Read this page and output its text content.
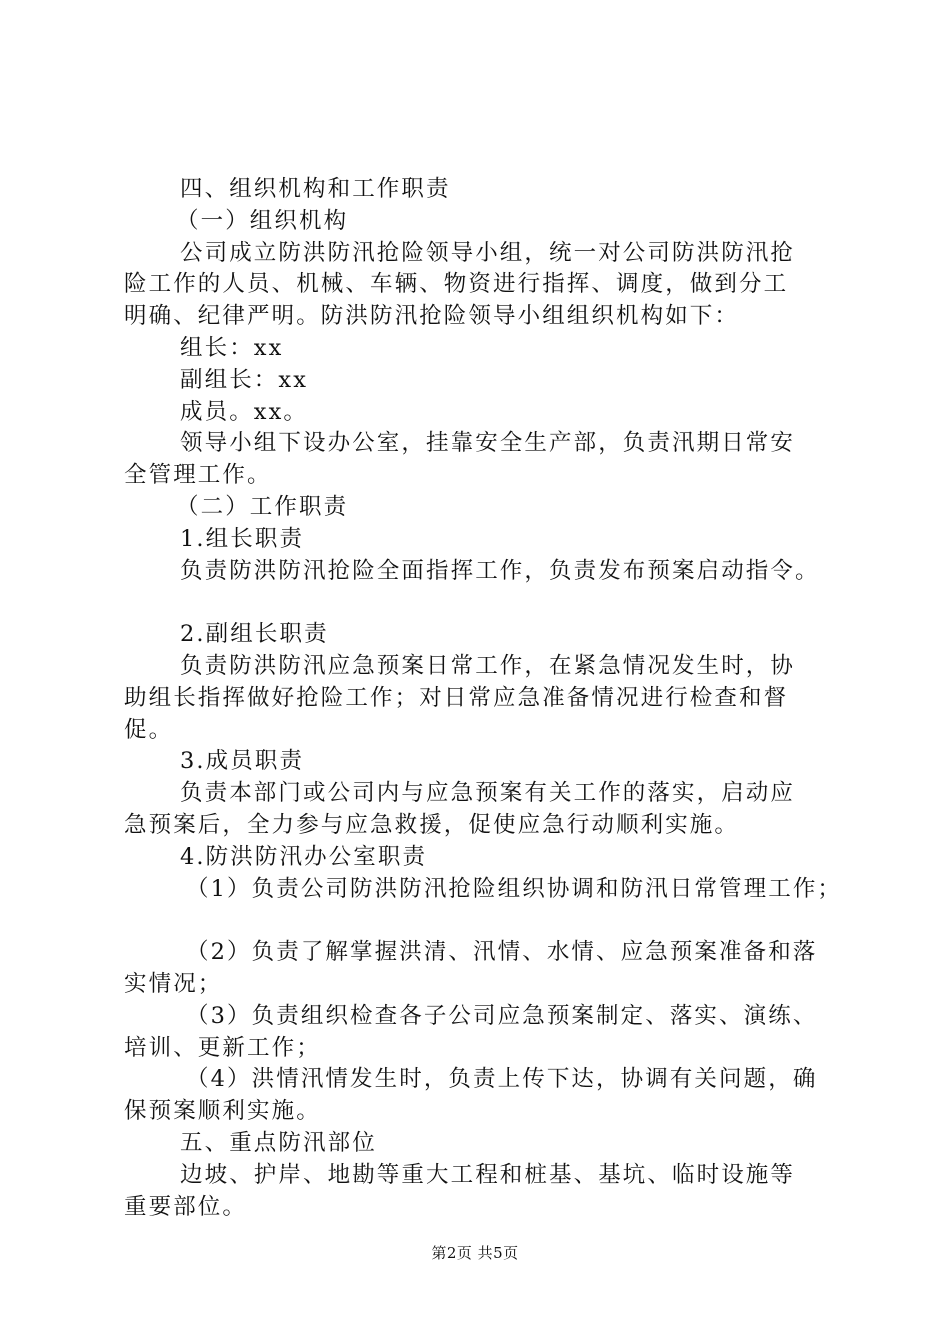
四、组织机构和工作职责
（一）组织机构
公司成立防洪防汛抢险领导小组，统一对公司防洪防汛抢
险工作的人员、机械、车辆、物资进行指挥、调度，做到分工
明确、纪律严明。防洪防汛抢险领导小组组织机构如下：
组长：xx
副组长：xx
成员。xx。
领导小组下设办公室，挂靠安全生产部，负责汛期日常安
全管理工作。
（二）工作职责
1.组长职责
负责防洪防汛抢险全面指挥工作，负责发布预案启动指令。
2.副组长职责
负责防洪防汛应急预案日常工作，在紧急情况发生时，协
助组长指挥做好抢险工作；对日常应急准备情况进行检查和督
促。
3.成员职责
负责本部门或公司内与应急预案有关工作的落实，启动应
急预案后，全力参与应急救援，促使应急行动顺利实施。
4.防洪防汛办公室职责
（1）负责公司防洪防汛抢险组织协调和防汛日常管理工作；
（2）负责了解掌握洪清、汛情、水情、应急预案准备和落
实情况；
（3）负责组织检查各子公司应急预案制定、落实、演练、
培训、更新工作；
（4）洪情汛情发生时，负责上传下达，协调有关问题，确
保预案顺利实施。
五、重点防汛部位
边坡、护岸、地勘等重大工程和桩基、基坑、临时设施等
重要部位。
第2页 共5页
